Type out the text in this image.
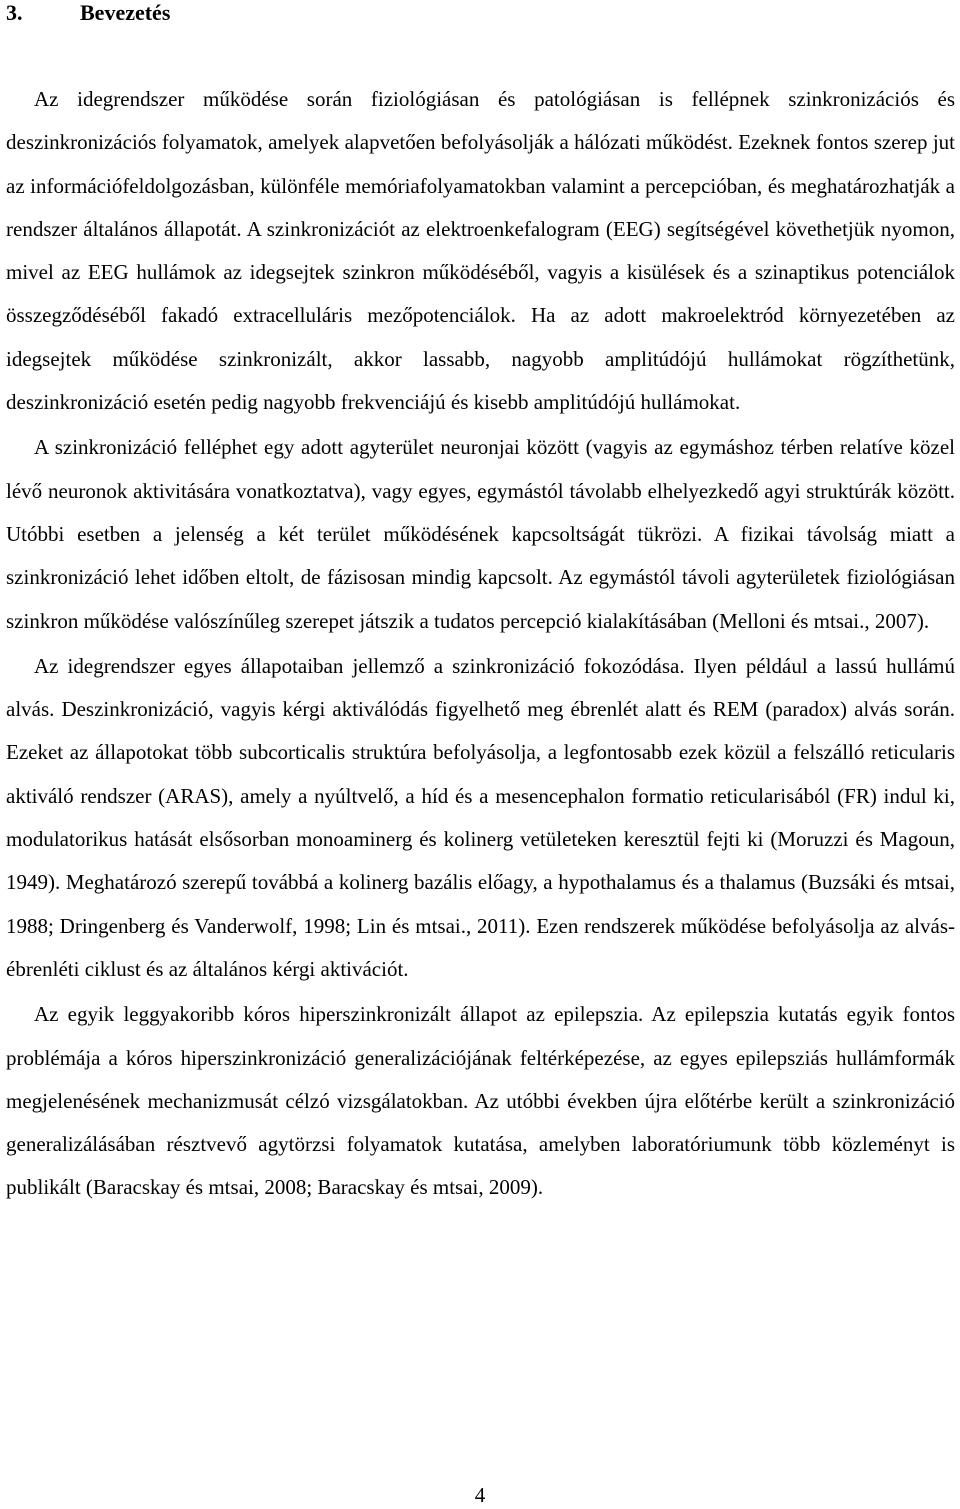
3.	Bevezetés

Az idegrendszer működése során fiziológiásan és patológiásan is fellépnek szinkronizációs és deszinkronizációs folyamatok, amelyek alapvetően befolyásolják a hálózati működést. Ezeknek fontos szerep jut az információfeldolgozásban, különféle memóriafolyamatokban valamint a percepcióban, és meghatározhatják a rendszer általános állapotát. A szinkronizációt az elektroenkefalogram (EEG) segítségével követhetjük nyomon, mivel az EEG hullámok az idegsejtek szinkron működéséből, vagyis a kisülések és a szinaptikus potenciálok összegződéséből fakadó extracelluláris mezőpotenciálok. Ha az adott makroelektród környezetében az idegsejtek működése szinkronizált, akkor lassabb, nagyobb amplitúdójú hullámokat rögzíthetünk, deszinkronizáció esetén pedig nagyobb frekvenciájú és kisebb amplitúdójú hullámokat.

A szinkronizáció felléphet egy adott agyterület neuronjai között (vagyis az egymáshoz térben relatíve közel lévő neuronok aktivitására vonatkoztatva), vagy egyes, egymástól távolabb elhelyezkedő agyi struktúrák között. Utóbbi esetben a jelenség a két terület működésének kapcsoltságát tükrözi. A fizikai távolság miatt a szinkronizáció lehet időben eltolt, de fázisosan mindig kapcsolt. Az egymástól távoli agyterületek fiziológiásan szinkron működése valószínűleg szerepet játszik a tudatos percepció kialakításában (Melloni és mtsai., 2007).

Az idegrendszer egyes állapotaiban jellemző a szinkronizáció fokozódása. Ilyen például a lassú hullámú alvás. Deszinkronizáció, vagyis kérgi aktiválódás figyelhető meg ébrenlét alatt és REM (paradox) alvás során. Ezeket az állapotokat több subcorticalis struktúra befolyásolja, a legfontosabb ezek közül a felszálló reticularis aktiváló rendszer (ARAS), amely a nyúltvelő, a híd és a mesencephalon formatio reticularisából (FR) indul ki, modulatorikus hatását elsősorban monoaminerg és kolinerg vetületeken keresztül fejti ki (Moruzzi és Magoun, 1949). Meghatározó szerepű továbbá a kolinerg bazális előagy, a hypothalamus és a thalamus (Buzsáki és mtsai, 1988; Dringenberg és Vanderwolf, 1998; Lin és mtsai., 2011). Ezen rendszerek működése befolyásolja az alvás-ébrenléti ciklust és az általános kérgi aktivációt.

Az egyik leggyakoribb kóros hiperszinkronizált állapot az epilepszia. Az epilepszia kutatás egyik fontos problémája a kóros hiperszinkronizáció generalizációjának feltérképezése, az egyes epilepsziás hullámformák megjelenésének mechanizmusát célzó vizsgálatokban. Az utóbbi években újra előtérbe került a szinkronizáció generalizálásában résztvevő agytörzsi folyamatok kutatása, amelyben laboratóriumunk több közleményt is publikált (Baracskay és mtsai, 2008; Baracskay és mtsai, 2009).

4
